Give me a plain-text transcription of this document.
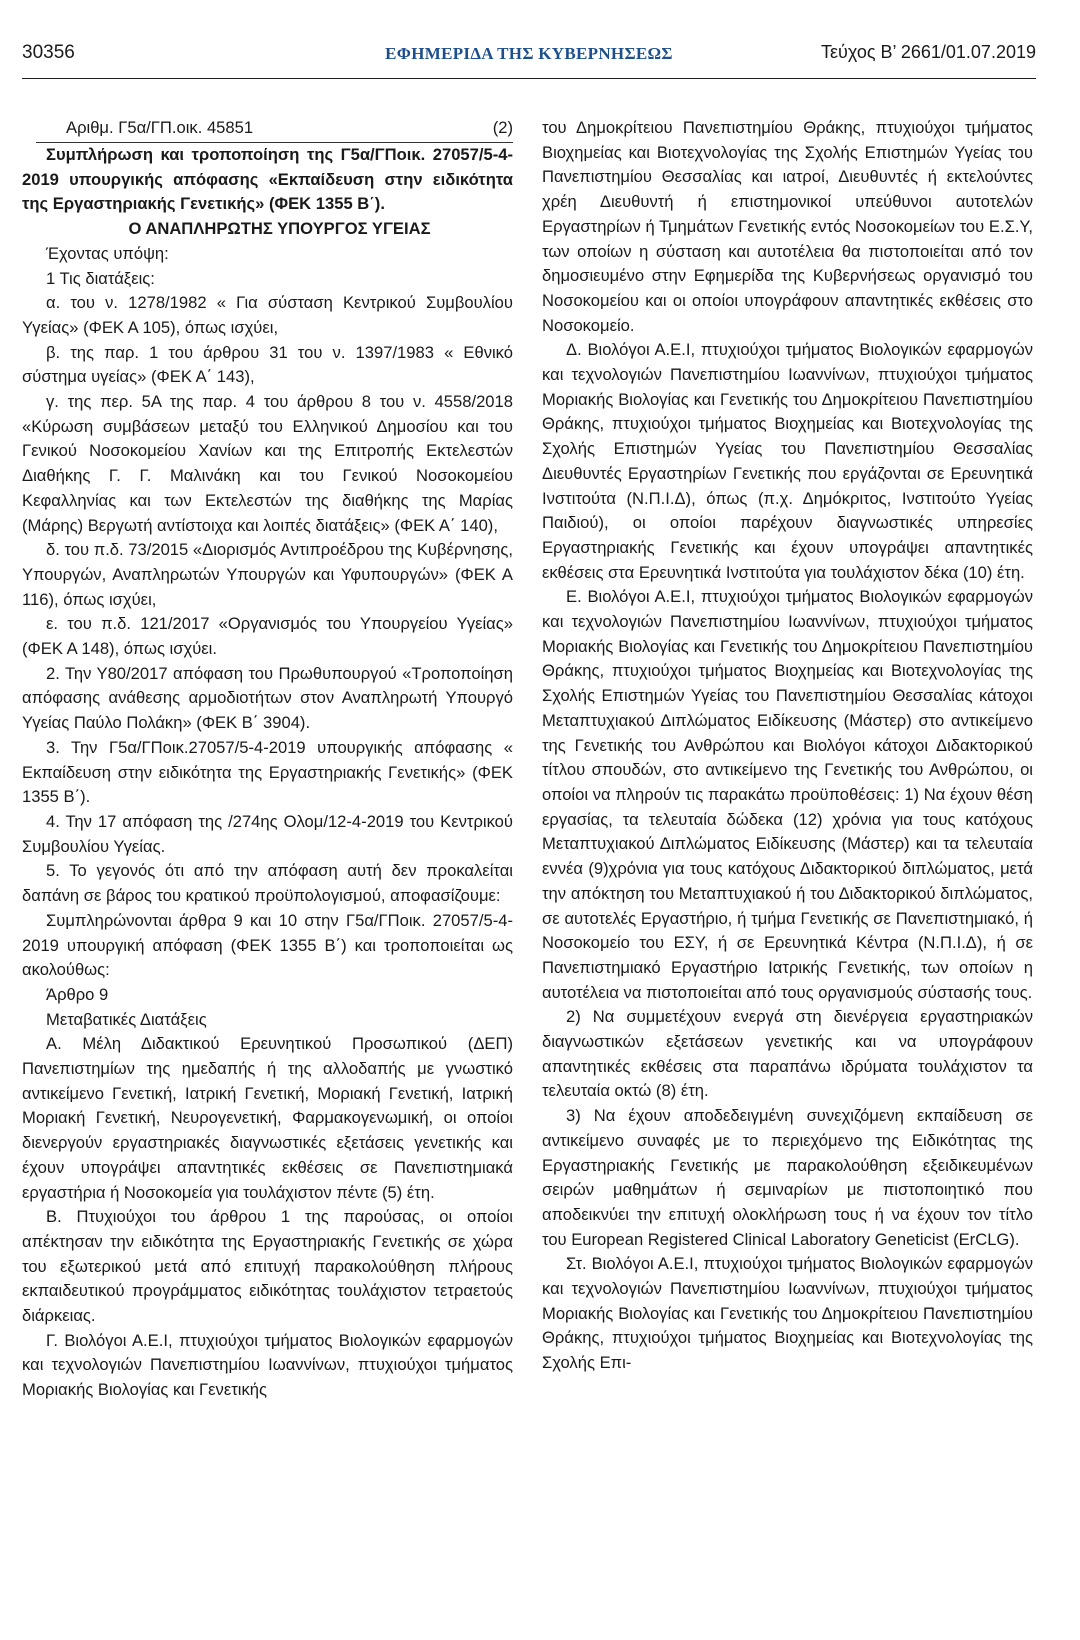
30356	ΕΦΗΜΕΡΙΔΑ ΤΗΣ ΚΥΒΕΡΝΗΣΕΩΣ	Τεύχος Β’ 2661/01.07.2019
Αριθμ. Γ5α/ΓΠ.οικ. 45851	(2)

Συμπλήρωση και τροποποίηση της Γ5α/ΓΠοικ. 27057/5-4-2019 υπουργικής απόφασης «Εκπαίδευση στην ειδικότητα της Εργαστηριακής Γενετικής» (ΦΕΚ 1355 Β΄).

Ο ΑΝΑΠΛΗΡΩΤΗΣ ΥΠΟΥΡΓΟΣ ΥΓΕΙΑΣ

Έχοντας υπόψη:

1 Τις διατάξεις:

α. του ν. 1278/1982 « Για σύσταση Κεντρικού Συμβουλίου Υγείας» (ΦΕΚ Α 105), όπως ισχύει,

β. της παρ. 1 του άρθρου 31 του ν. 1397/1983 « Εθνικό σύστημα υγείας» (ΦΕΚ Α΄ 143),

γ. της περ. 5Α της παρ. 4 του άρθρου 8 του ν. 4558/2018 «Κύρωση συμβάσεων μεταξύ του Ελληνικού Δημοσίου και του Γενικού Νοσοκομείου Χανίων και της Επιτροπής Εκτελεστών Διαθήκης Γ. Γ. Μαλινάκη και του Γενικού Νοσοκομείου Κεφαλληνίας και των Εκτελεστών της διαθήκης της Μαρίας (Μάρης) Βεργωτή αντίστοιχα και λοιπές διατάξεις» (ΦΕΚ Α΄ 140),

δ. του π.δ. 73/2015 «Διορισμός Αντιπροέδρου της Κυβέρνησης, Υπουργών, Αναπληρωτών Υπουργών και Υφυπουργών» (ΦΕΚ Α 116), όπως ισχύει,

ε. του π.δ. 121/2017 «Οργανισμός του Υπουργείου Υγείας» (ΦΕΚ Α 148), όπως ισχύει.

2. Την Υ80/2017 απόφαση του Πρωθυπουργού «Τροποποίηση απόφασης ανάθεσης αρμοδιοτήτων στον Αναπληρωτή Υπουργό Υγείας Παύλο Πολάκη» (ΦΕΚ Β΄ 3904).

3. Την Γ5α/ΓΠοικ.27057/5-4-2019 υπουργικής απόφασης « Εκπαίδευση στην ειδικότητα της Εργαστηριακής Γενετικής» (ΦΕΚ 1355 Β΄).

4. Την 17 απόφαση της /274ης Ολομ/12-4-2019 του Κεντρικού Συμβουλίου Υγείας.

5. Το γεγονός ότι από την απόφαση αυτή δεν προκαλείται δαπάνη σε βάρος του κρατικού προϋπολογισμού, αποφασίζουμε:

Συμπληρώνονται άρθρα 9 και 10 στην Γ5α/ΓΠοικ. 27057/5-4-2019 υπουργική απόφαση (ΦΕΚ 1355 Β΄) και τροποποιείται ως ακολούθως:

Άρθρο 9

Μεταβατικές Διατάξεις

Α. Μέλη Διδακτικού Ερευνητικού Προσωπικού (ΔΕΠ) Πανεπιστημίων της ημεδαπής ή της αλλοδαπής με γνωστικό αντικείμενο Γενετική, Ιατρική Γενετική, Μοριακή Γενετική, Ιατρική Μοριακή Γενετική, Νευρογενετική, Φαρμακογενωμική, οι οποίοι διενεργούν εργαστηριακές διαγνωστικές εξετάσεις γενετικής και έχουν υπογράψει απαντητικές εκθέσεις σε Πανεπιστημιακά εργαστήρια ή Νοσοκομεία για τουλάχιστον πέντε (5) έτη.

Β. Πτυχιούχοι του άρθρου 1 της παρούσας, οι οποίοι απέκτησαν την ειδικότητα της Εργαστηριακής Γενετικής σε χώρα του εξωτερικού μετά από επιτυχή παρακολούθηση πλήρους εκπαιδευτικού προγράμματος ειδικότητας τουλάχιστον τετραετούς διάρκειας.

Γ. Βιολόγοι Α.Ε.Ι, πτυχιούχοι τμήματος Βιολογικών εφαρμογών και τεχνολογιών Πανεπιστημίου Ιωαννίνων, πτυχιούχοι τμήματος Μοριακής Βιολογίας και Γενετικής

του Δημοκρίτειου Πανεπιστημίου Θράκης, πτυχιούχοι τμήματος Βιοχημείας και Βιοτεχνολογίας της Σχολής Επιστημών Υγείας του Πανεπιστημίου Θεσσαλίας και ιατροί, Διευθυντές ή εκτελούντες χρέη Διευθυντή ή επιστημονικοί υπεύθυνοι αυτοτελών Εργαστηρίων ή Τμημάτων Γενετικής εντός Νοσοκομείων του Ε.Σ.Υ, των οποίων η σύσταση και αυτοτέλεια θα πιστοποιείται από τον δημοσιευμένο στην Εφημερίδα της Κυβερνήσεως οργανισμό του Νοσοκομείου και οι οποίοι υπογράφουν απαντητικές εκθέσεις στο Νοσοκομείο.

Δ. Βιολόγοι Α.Ε.Ι, πτυχιούχοι τμήματος Βιολογικών εφαρμογών και τεχνολογιών Πανεπιστημίου Ιωαννίνων, πτυχιούχοι τμήματος Μοριακής Βιολογίας και Γενετικής του Δημοκρίτειου Πανεπιστημίου Θράκης, πτυχιούχοι τμήματος Βιοχημείας και Βιοτεχνολογίας της Σχολής Επιστημών Υγείας του Πανεπιστημίου Θεσσαλίας Διευθυντές Εργαστηρίων Γενετικής που εργάζονται σε Ερευνητικά Ινστιτούτα (Ν.Π.Ι.Δ), όπως (π.χ. Δημόκριτος, Ινστιτούτο Υγείας Παιδιού), οι οποίοι παρέχουν διαγνωστικές υπηρεσίες Εργαστηριακής Γενετικής και έχουν υπογράψει απαντητικές εκθέσεις στα Ερευνητικά Ινστιτούτα για τουλάχιστον δέκα (10) έτη.

Ε. Βιολόγοι Α.Ε.Ι, πτυχιούχοι τμήματος Βιολογικών εφαρμογών και τεχνολογιών Πανεπιστημίου Ιωαννίνων, πτυχιούχοι τμήματος Μοριακής Βιολογίας και Γενετικής του Δημοκρίτειου Πανεπιστημίου Θράκης, πτυχιούχοι τμήματος Βιοχημείας και Βιοτεχνολογίας της Σχολής Επιστημών Υγείας του Πανεπιστημίου Θεσσαλίας κάτοχοι Μεταπτυχιακού Διπλώματος Ειδίκευσης (Μάστερ) στο αντικείμενο της Γενετικής του Ανθρώπου και Βιολόγοι κάτοχοι Διδακτορικού τίτλου σπουδών, στο αντικείμενο της Γενετικής του Ανθρώπου, οι οποίοι να πληρούν τις παρακάτω προϋποθέσεις: 1) Να έχουν θέση εργασίας, τα τελευταία δώδεκα (12) χρόνια για τους κατόχους Μεταπτυχιακού Διπλώματος Ειδίκευσης (Μάστερ) και τα τελευταία εννέα (9)χρόνια για τους κατόχους Διδακτορικού διπλώματος, μετά την απόκτηση του Μεταπτυχιακού ή του Διδακτορικού διπλώματος, σε αυτοτελές Εργαστήριο, ή τμήμα Γενετικής σε Πανεπιστημιακό, ή Νοσοκομείο του ΕΣΥ, ή σε Ερευνητικά Κέντρα (Ν.Π.Ι.Δ), ή σε Πανεπιστημιακό Εργαστήριο Ιατρικής Γενετικής, των οποίων η αυτοτέλεια να πιστοποιείται από τους οργανισμούς σύστασής τους.

2) Να συμμετέχουν ενεργά στη διενέργεια εργαστηριακών διαγνωστικών εξετάσεων γενετικής και να υπογράφουν απαντητικές εκθέσεις στα παραπάνω ιδρύματα τουλάχιστον τα τελευταία οκτώ (8) έτη.

3) Να έχουν αποδεδειγμένη συνεχιζόμενη εκπαίδευση σε αντικείμενο συναφές με το περιεχόμενο της Ειδικότητας της Εργαστηριακής Γενετικής με παρακολούθηση εξειδικευμένων σειρών μαθημάτων ή σεμιναρίων με πιστοποιητικό που αποδεικνύει την επιτυχή ολοκλήρωση τους ή να έχουν τον τίτλο του European Registered Clinical Laboratory Geneticist (ErCLG).

Στ. Βιολόγοι Α.Ε.Ι, πτυχιούχοι τμήματος Βιολογικών εφαρμογών και τεχνολογιών Πανεπιστημίου Ιωαννίνων, πτυχιούχοι τμήματος Μοριακής Βιολογίας και Γενετικής του Δημοκρίτειου Πανεπιστημίου Θράκης, πτυχιούχοι τμήματος Βιοχημείας και Βιοτεχνολογίας της Σχολής Επι-
